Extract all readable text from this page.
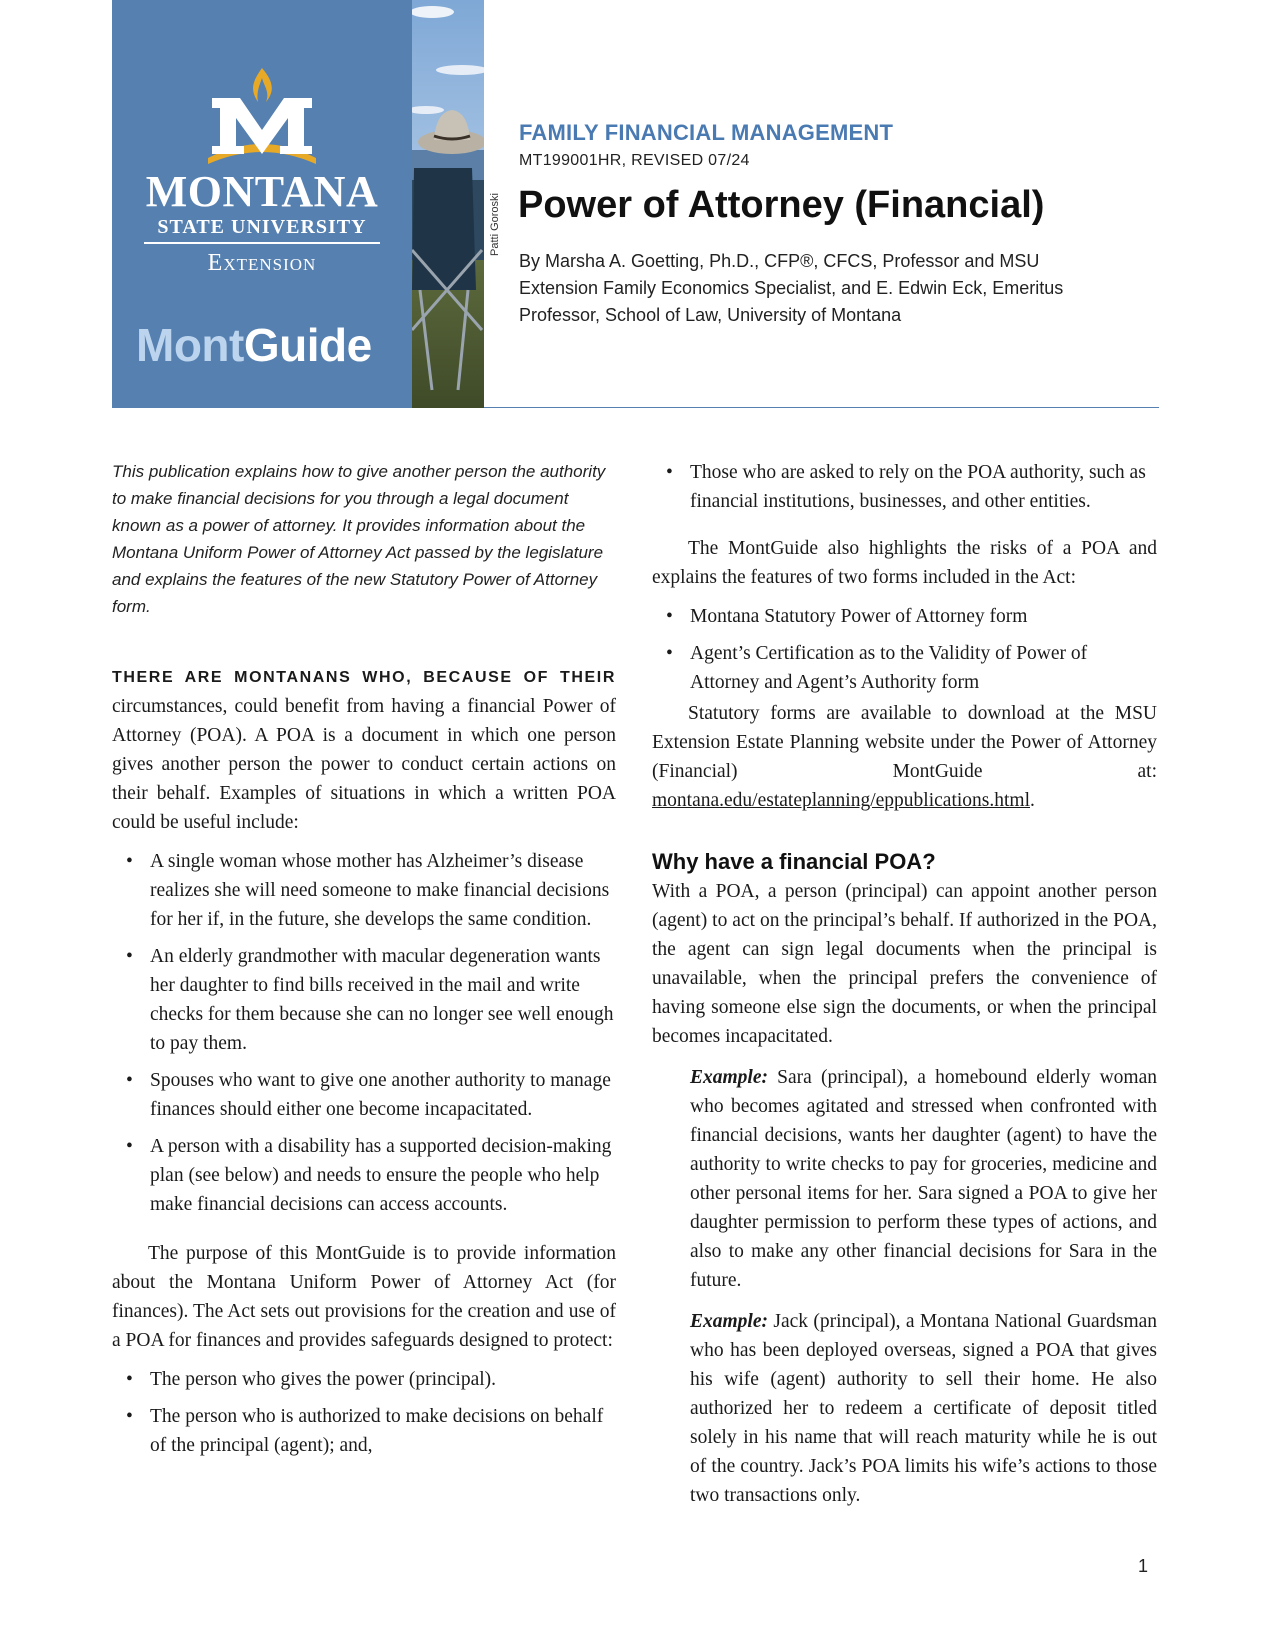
MONTANA
STATE UNIVERSITY
Extension
MontGuide
Patti Goroski
FAMILY FINANCIAL MANAGEMENT
MT199001HR, REVISED 07/24
Power of Attorney (Financial)
By Marsha A. Goetting, Ph.D., CFP®, CFCS, Professor and MSU
Extension Family Economics Specialist, and E. Edwin Eck, Emeritus
Professor, School of Law, University of Montana

This publication explains how to give another person the authority to make financial decisions for you through a legal document known as a power of attorney. It provides information about the Montana Uniform Power of Attorney Act passed by the legislature and explains the features of the new Statutory Power of Attorney form.

THERE ARE MONTANANS WHO, BECAUSE OF THEIR circumstances, could benefit from having a financial Power of Attorney (POA). A POA is a document in which one person gives another person the power to conduct certain actions on their behalf. Examples of situations in which a written POA could be useful include:

• A single woman whose mother has Alzheimer’s disease realizes she will need someone to make financial decisions for her if, in the future, she develops the same condition.
• An elderly grandmother with macular degeneration wants her daughter to find bills received in the mail and write checks for them because she can no longer see well enough to pay them.
• Spouses who want to give one another authority to manage finances should either one become incapacitated.
• A person with a disability has a supported decision-making plan (see below) and needs to ensure the people who help make financial decisions can access accounts.

The purpose of this MontGuide is to provide information about the Montana Uniform Power of Attorney Act (for finances). The Act sets out provisions for the creation and use of a POA for finances and provides safeguards designed to protect:

• The person who gives the power (principal).
• The person who is authorized to make decisions on behalf of the principal (agent); and,
• Those who are asked to rely on the POA authority, such as financial institutions, businesses, and other entities.

The MontGuide also highlights the risks of a POA and explains the features of two forms included in the Act:

• Montana Statutory Power of Attorney form
• Agent’s Certification as to the Validity of Power of Attorney and Agent’s Authority form

Statutory forms are available to download at the MSU Extension Estate Planning website under the Power of Attorney (Financial) MontGuide at: montana.edu/estateplanning/eppublications.html.

Why have a financial POA?

With a POA, a person (principal) can appoint another person (agent) to act on the principal’s behalf. If authorized in the POA, the agent can sign legal documents when the principal is unavailable, when the principal prefers the convenience of having someone else sign the documents, or when the principal becomes incapacitated.

Example: Sara (principal), a homebound elderly woman who becomes agitated and stressed when confronted with financial decisions, wants her daughter (agent) to have the authority to write checks to pay for groceries, medicine and other personal items for her. Sara signed a POA to give her daughter permission to perform these types of actions, and also to make any other financial decisions for Sara in the future.

Example: Jack (principal), a Montana National Guardsman who has been deployed overseas, signed a POA that gives his wife (agent) authority to sell their home. He also authorized her to redeem a certificate of deposit titled solely in his name that will reach maturity while he is out of the country. Jack’s POA limits his wife’s actions to those two transactions only.

1
